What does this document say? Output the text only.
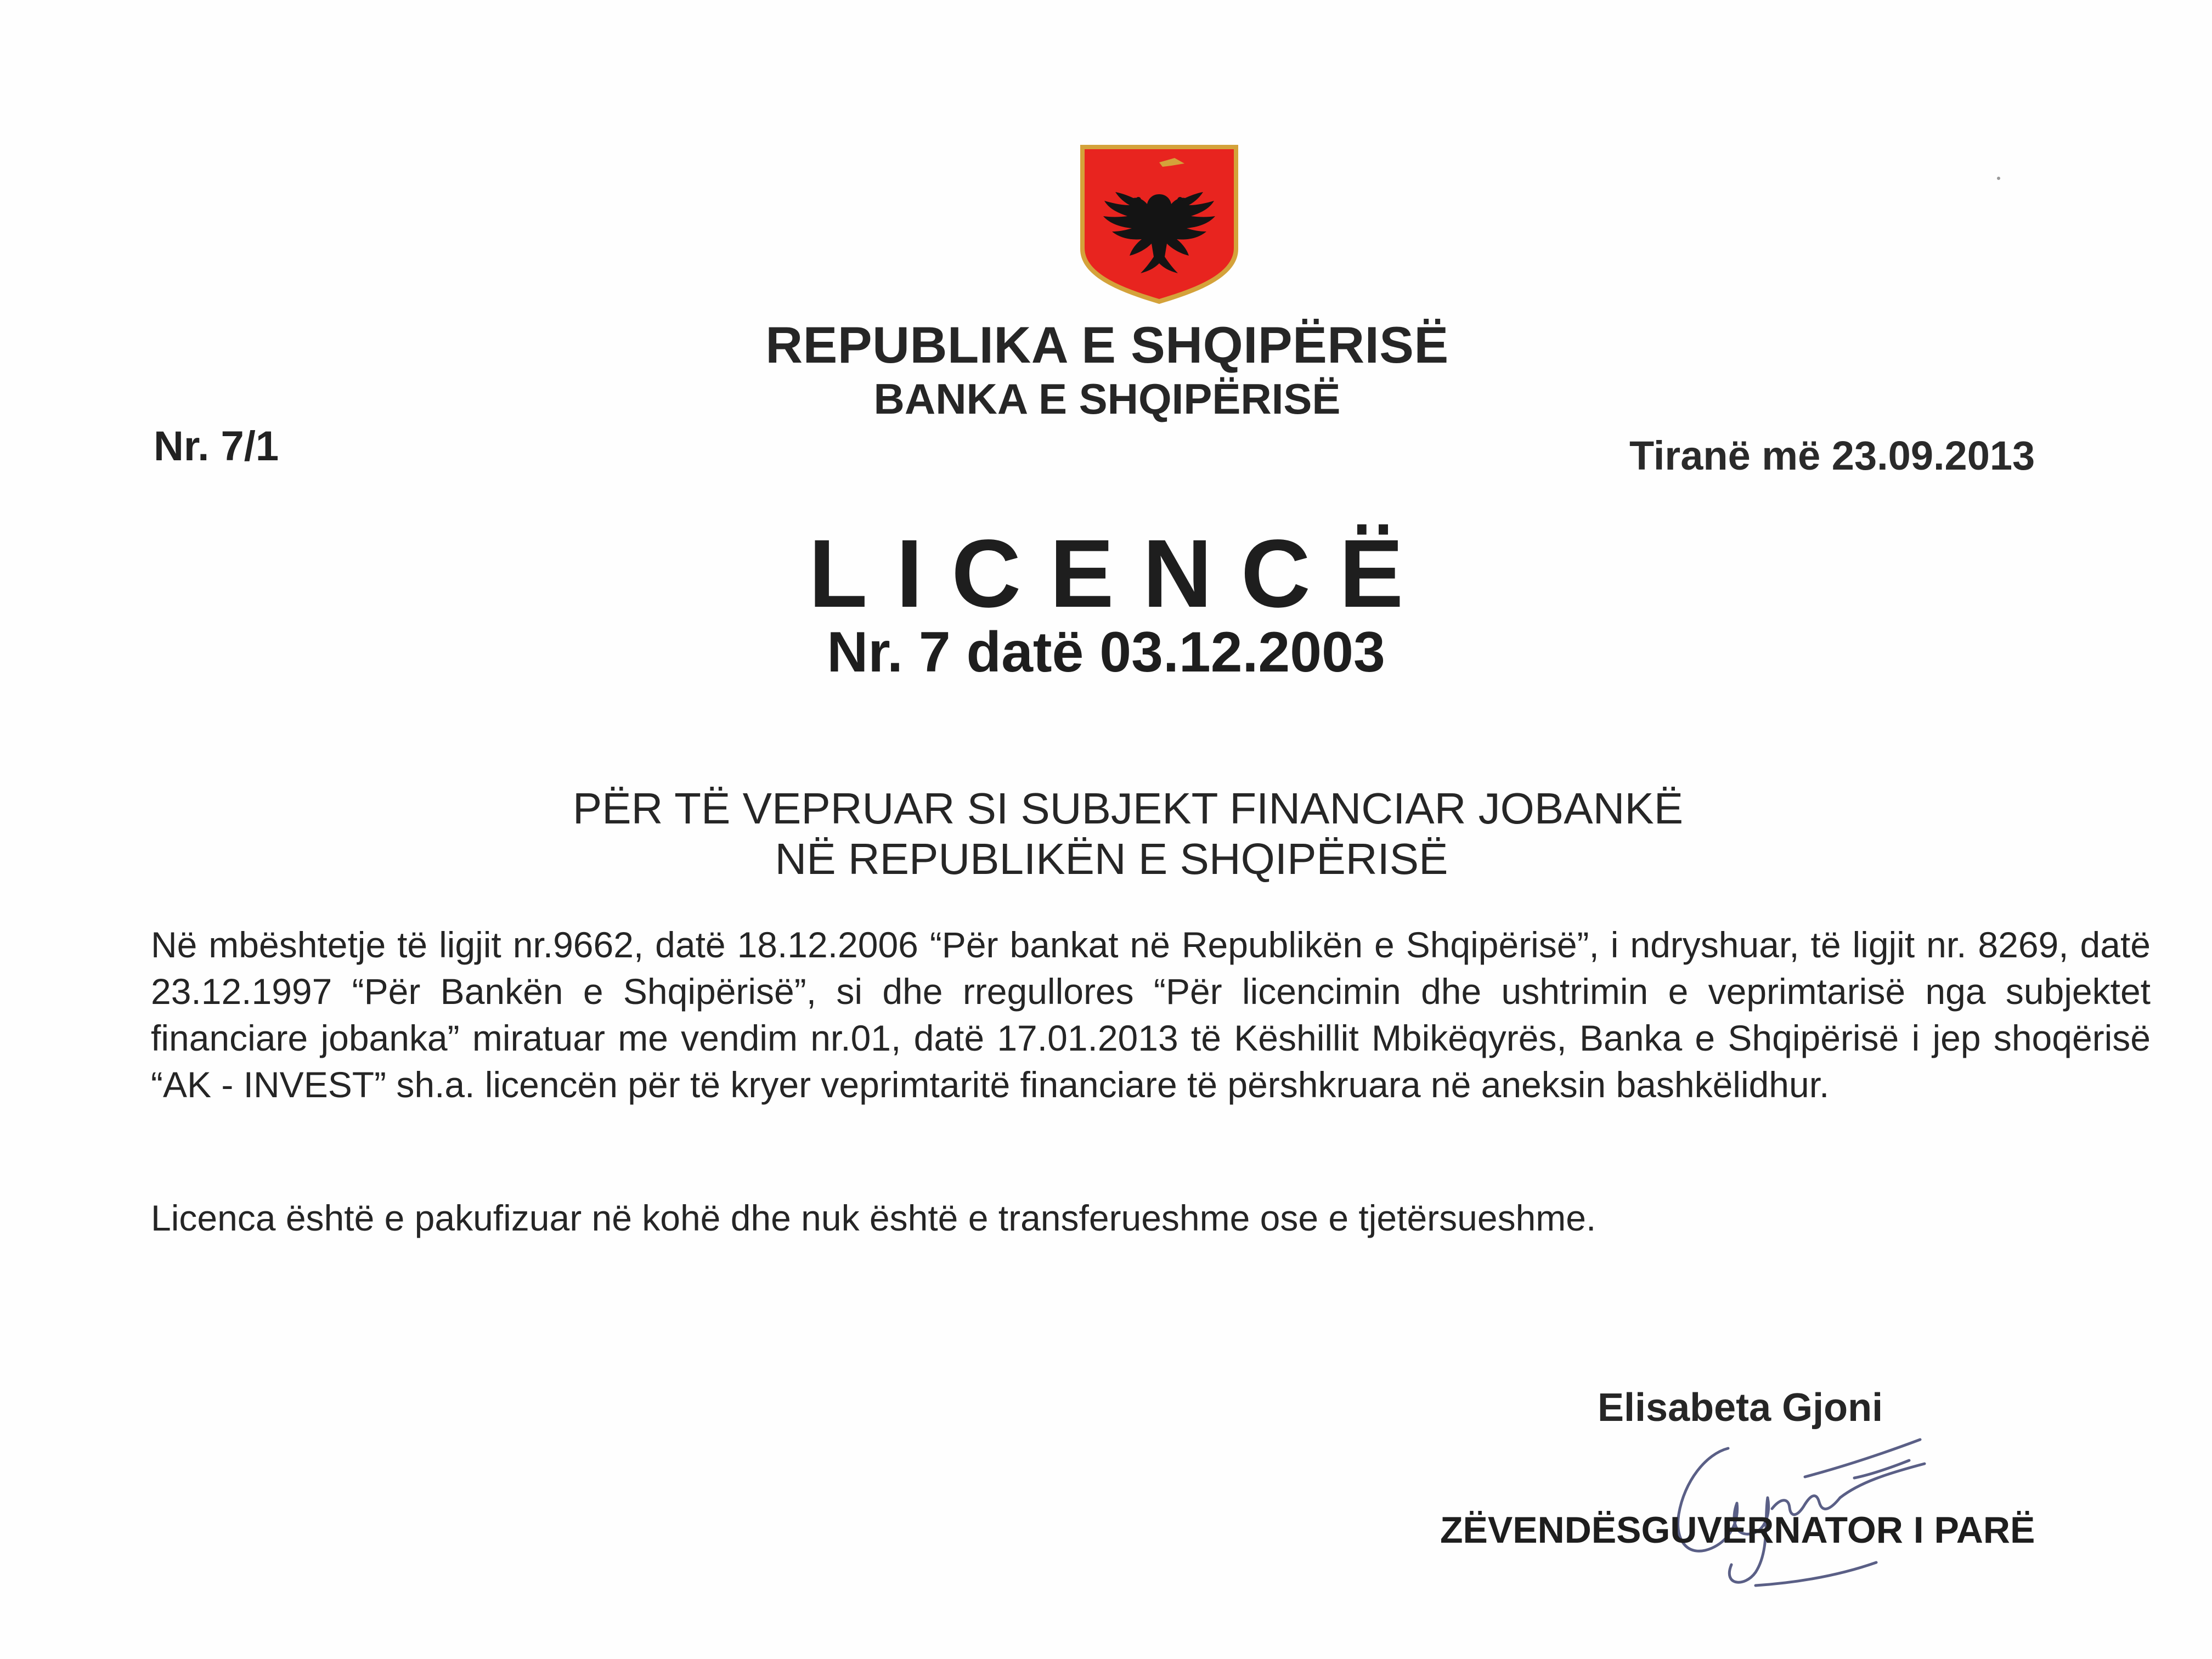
REPUBLIKA E SHQIPËRISË
BANKA E SHQIPËRISË
Nr. 7/1	Tiranë më 23.09.2013
LICENCË
Nr. 7 datë 03.12.2003
PËR TË VEPRUAR SI SUBJEKT FINANCIAR JOBANKË
NË REPUBLIKËN E SHQIPËRISË

Në mbështetje të ligjit nr.9662, datë 18.12.2006 “Për bankat në Republikën e Shqipërisë”, i ndryshuar, të ligjit nr. 8269, datë 23.12.1997 “Për Bankën e Shqipërisë”, si dhe rregullores “Për licencimin dhe ushtrimin e veprimtarisë nga subjektet financiare jobanka” miratuar me vendim nr.01, datë 17.01.2013 të Këshillit Mbikëqyrës, Banka e Shqipërisë i jep shoqërisë “AK - INVEST” sh.a. licencën për të kryer veprimtaritë financiare të përshkruara në aneksin bashkëlidhur.

Licenca është e pakufizuar në kohë dhe nuk është e transferueshme ose e tjetërsueshme.

Elisabeta Gjoni
ZËVENDËSGUVERNATOR I PARË
